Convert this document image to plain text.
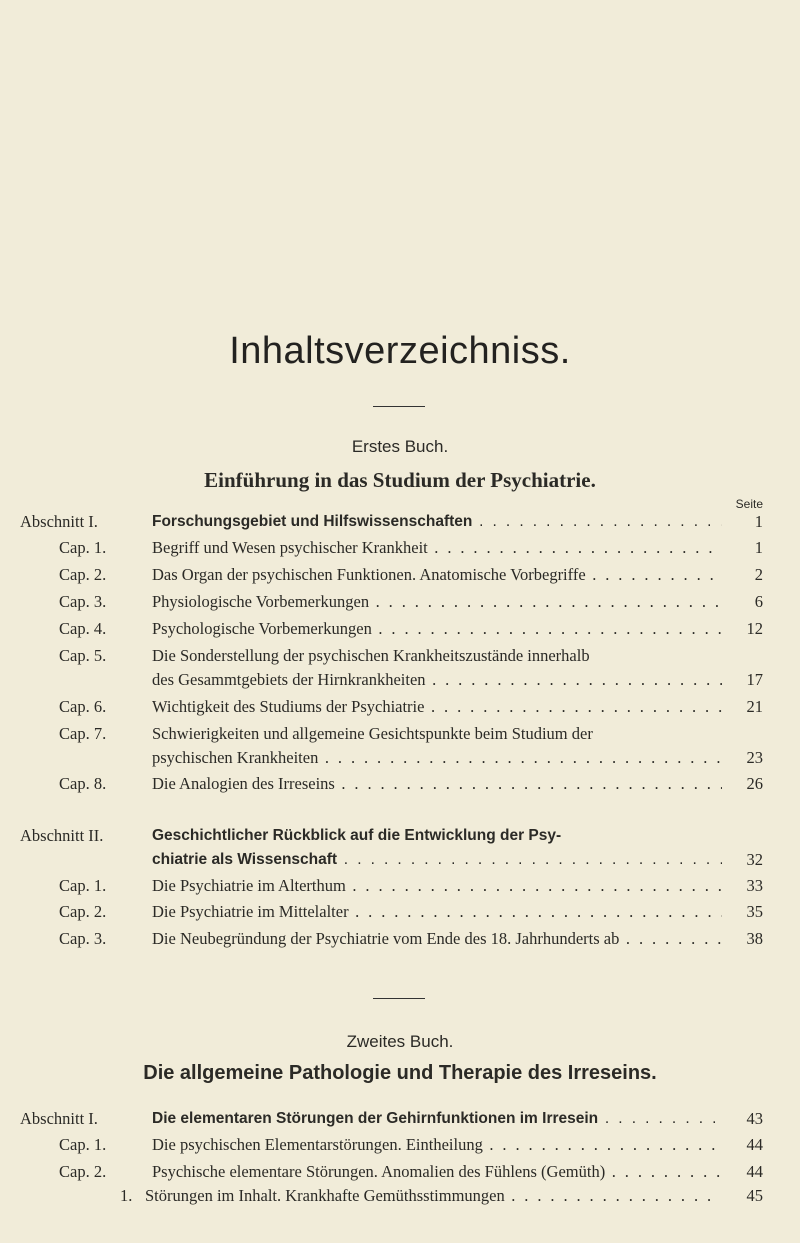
Inhaltsverzeichniss.
Erstes Buch.
Einführung in das Studium der Psychiatrie.
Seite
Abschnitt I.	Forschungsgebiet und Hilfswissenschaften . . .	1
Cap. 1.	Begriff und Wesen psychischer Krankheit . . .	1
Cap. 2.	Das Organ der psychischen Funktionen. Anatomische Vorbegriffe . . .	2
Cap. 3.	Physiologische Vorbemerkungen . . .	6
Cap. 4.	Psychologische Vorbemerkungen . . .	12
Cap. 5.	Die Sonderstellung der psychischen Krankheitszustände innerhalb
des Gesammtgebiets der Hirnkrankheiten . . .	17
Cap. 6.	Wichtigkeit des Studiums der Psychiatrie . . .	21
Cap. 7.	Schwierigkeiten und allgemeine Gesichtspunkte beim Studium der
psychischen Krankheiten . . .	23
Cap. 8.	Die Analogien des Irreseins . . .	26
Abschnitt II.	Geschichtlicher Rückblick auf die Entwicklung der Psy-
chiatrie als Wissenschaft . . .	32
Cap. 1.	Die Psychiatrie im Alterthum . . .	33
Cap. 2.	Die Psychiatrie im Mittelalter . . .	35
Cap. 3.	Die Neubegründung der Psychiatrie vom Ende des 18. Jahrhunderts ab . . .	38
Zweites Buch.
Die allgemeine Pathologie und Therapie des Irreseins.
Abschnitt I.	Die elementaren Störungen der Gehirnfunktionen im Irresein . . .	43
Cap. 1.	Die psychischen Elementarstörungen. Eintheilung . . .	44
Cap. 2.	Psychische elementare Störungen. Anomalien des Fühlens (Gemüth) . . .	44
1. Störungen im Inhalt. Krankhafte Gemüthsstimmungen . . .	45
